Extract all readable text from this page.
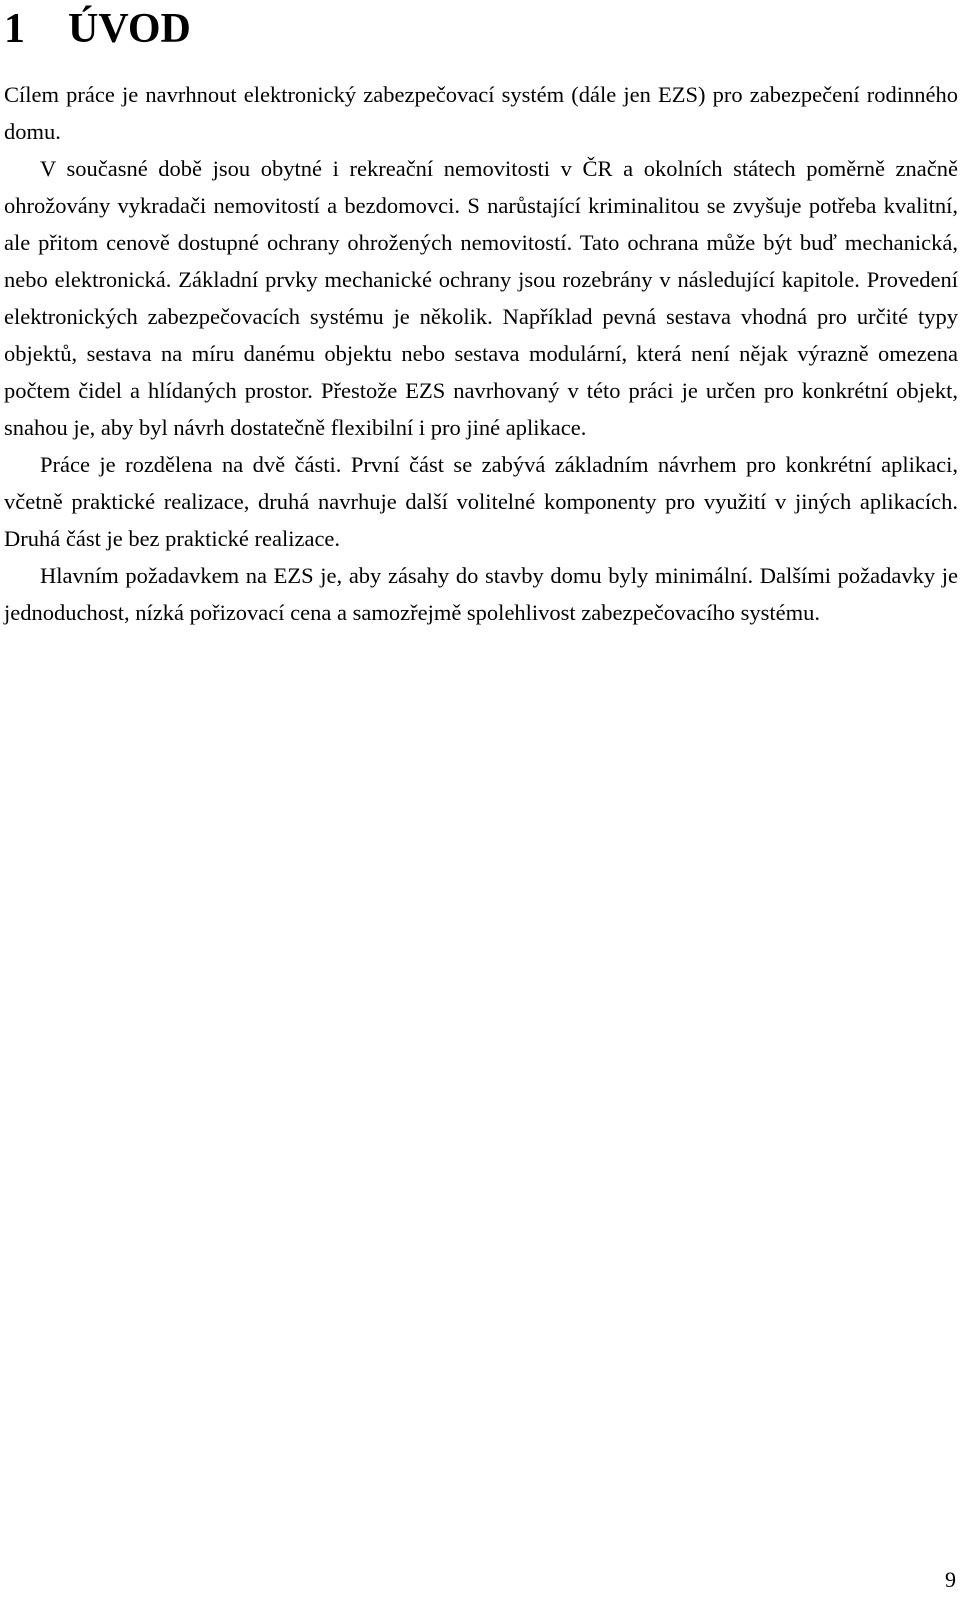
1 ÚVOD

Cílem práce je navrhnout elektronický zabezpečovací systém (dále jen EZS) pro zabezpečení rodinného domu.

V současné době jsou obytné i rekreační nemovitosti v ČR a okolních státech poměrně značně ohrožovány vykradači nemovitostí a bezdomovci. S narůstající kriminalitou se zvyšuje potřeba kvalitní, ale přitom cenově dostupné ochrany ohrožených nemovitostí. Tato ochrana může být buď mechanická, nebo elektronická. Základní prvky mechanické ochrany jsou rozebrány v následující kapitole. Provedení elektronických zabezpečovacích systému je několik. Například pevná sestava vhodná pro určité typy objektů, sestava na míru danému objektu nebo sestava modulární, která není nějak výrazně omezena počtem čidel a hlídaných prostor. Přestože EZS navrhovaný v této práci je určen pro konkrétní objekt, snahou je, aby byl návrh dostatečně flexibilní i pro jiné aplikace.

Práce je rozdělena na dvě části. První část se zabývá základním návrhem pro konkrétní aplikaci, včetně praktické realizace, druhá navrhuje další volitelné komponenty pro využití v jiných aplikacích. Druhá část je bez praktické realizace.

Hlavním požadavkem na EZS je, aby zásahy do stavby domu byly minimální. Dalšími požadavky je jednoduchost, nízká pořizovací cena a samozřejmě spolehlivost zabezpečovacího systému.

9
